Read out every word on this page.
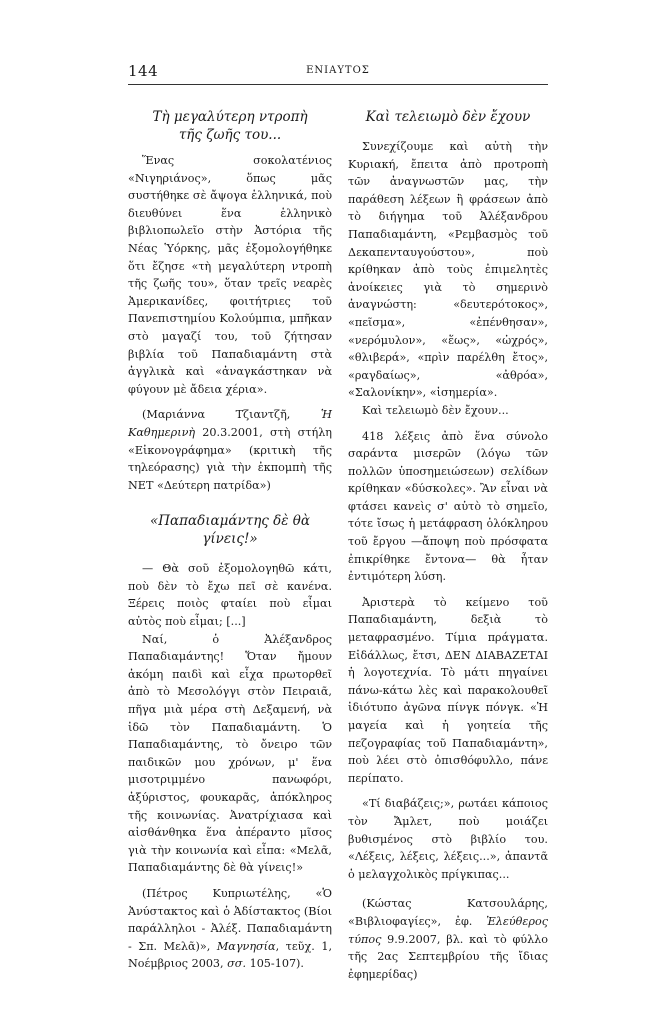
144	ΕΝΙΑΥΤΟΣ
Τὴ μεγαλύτερη ντροπὴ
τῆς ζωῆς του...

Ἕνας σοκολατένιος «Νιγηριάνος», ὅπως μᾶς συστήθηκε σὲ ἄψογα ἑλληνικά, ποὺ διευθύνει ἕνα ἑλληνικὸ βιβλιοπωλεῖο στὴν Ἀστόρια τῆς Νέας Ὑόρκης, μᾶς ἐξομολογήθηκε ὅτι ἔζησε «τὴ μεγαλύτερη ντροπὴ τῆς ζωῆς του», ὅταν τρεῖς νεαρὲς Ἀμερικανίδες, φοιτήτριες τοῦ Πανεπιστημίου Κολούμπια, μπῆκαν στὸ μαγαζί του, τοῦ ζήτησαν βιβλία τοῦ Παπαδιαμάντη στὰ ἀγγλικὰ καὶ «ἀναγκάστηκαν νὰ φύγουν μὲ ἄδεια χέρια».

(Μαριάννα Τζιαντζῆ, Ἡ Καθημερινὴ 20.3.2001, στὴ στήλη «Εἰκονογράφημα» (κριτικὴ τῆς τηλεόρασης) γιὰ τὴν ἐκπομπὴ τῆς ΝΕΤ «Δεύτερη πατρίδα»)

«Παπαδιαμάντης δὲ θὰ γίνεις!»

— Θὰ σοῦ ἐξομολογηθῶ κάτι, ποὺ δὲν τὸ ἔχω πεῖ σὲ κανένα. Ξέρεις ποιὸς φταίει ποὺ εἶμαι αὐτὸς ποὺ εἶμαι; [...]

Ναί, ὁ Ἀλέξανδρος Παπαδιαμάντης! Ὅταν ἤμουν ἀκόμη παιδὶ καὶ εἶχα πρωτορθεῖ ἀπὸ τὸ Μεσολόγγι στὸν Πειραιᾶ, πῆγα μιὰ μέρα στὴ Δεξαμενή, νὰ ἰδῶ τὸν Παπαδιαμάντη. Ὁ Παπαδιαμάντης, τὸ ὄνειρο τῶν παιδικῶν μου χρόνων, μ' ἕνα μισοτριμμένο πανωφόρι, ἀξύριστος, φουκαρᾶς, ἀπόκληρος τῆς κοινωνίας. Ἀνατρίχιασα καὶ αἰσθάνθηκα ἕνα ἀπέραντο μῖσος γιὰ τὴν κοινωνία καὶ εἶπα: «Μελᾶ, Παπαδιαμάντης δὲ θὰ γίνεις!»

(Πέτρος Κυπριωτέλης, «Ὁ Ἀνύστακτος καὶ ὁ Ἀδίστακτος (Βίοι παράλληλοι - Ἀλέξ. Παπαδιαμάντη - Σπ. Μελᾶ)», Μαγνησία, τεῦχ. 1, Νοέμβριος 2003, σσ. 105-107).

Καὶ τελειωμὸ δὲν ἔχουν

Συνεχίζουμε καὶ αὐτὴ τὴν Κυριακή, ἔπειτα ἀπὸ προτροπὴ τῶν ἀναγνωστῶν μας, τὴν παράθεση λέξεων ἢ φράσεων ἀπὸ τὸ διήγημα τοῦ Ἀλέξανδρου Παπαδιαμάντη, «Ρεμβασμὸς τοῦ Δεκαπενταυγούστου», ποὺ κρίθηκαν ἀπὸ τοὺς ἐπιμελητὲς ἀνοίκειες γιὰ τὸ σημερινὸ ἀναγνώστη: «δευτερότοκος», «πεῖσμα», «ἐπένθησαν», «νερόμυλον», «ἕως», «ὠχρός», «θλιβερά», «πρὶν παρέλθη ἔτος», «ραγδαίως», «ἀθρόα», «Σαλονίκην», «ἰσημερία».

Καὶ τελειωμὸ δὲν ἔχουν...

418 λέξεις ἀπὸ ἕνα σύνολο σαράντα μισερῶν (λόγω τῶν πολλῶν ὑποσημειώσεων) σελίδων κρίθηκαν «δύσκολες». Ἂν εἶναι νὰ φτάσει κανεὶς σ' αὐτὸ τὸ σημεῖο, τότε ἴσως ἡ μετάφραση ὁλόκληρου τοῦ ἔργου —ἄποψη ποὺ πρόσφατα ἐπικρίθηκε ἔντονα— θὰ ἦταν ἐντιμότερη λύση.

Ἀριστερὰ τὸ κείμενο τοῦ Παπαδιαμάντη, δεξιὰ τὸ μεταφρασμένο. Τίμια πράγματα. Εἰδάλλως, ἔτσι, ΔΕΝ ΔΙΑΒΑΖΕΤΑΙ ἡ λογοτεχνία. Τὸ μάτι πηγαίνει πάνω-κάτω λὲς καὶ παρακολουθεῖ ἰδιότυπο ἀγῶνα πίνγκ πόνγκ. «Ἡ μαγεία καὶ ἡ γοητεία τῆς πεζογραφίας τοῦ Παπαδιαμάντη», ποὺ λέει στὸ ὀπισθόφυλλο, πάνε περίπατο.

«Τί διαβάζεις;», ρωτάει κάποιος τὸν Ἄμλετ, ποὺ μοιάζει βυθισμένος στὸ βιβλίο του. «Λέξεις, λέξεις, λέξεις...», ἀπαντᾶ ὁ μελαγχολικὸς πρίγκιπας...

(Κώστας Κατσουλάρης, «Βιβλιοφαγίες», ἐφ. Ἐλεύθερος τύπος 9.9.2007, βλ. καὶ τὸ φύλλο τῆς 2ας Σεπτεμβρίου τῆς ἴδιας ἐφημερίδας)
